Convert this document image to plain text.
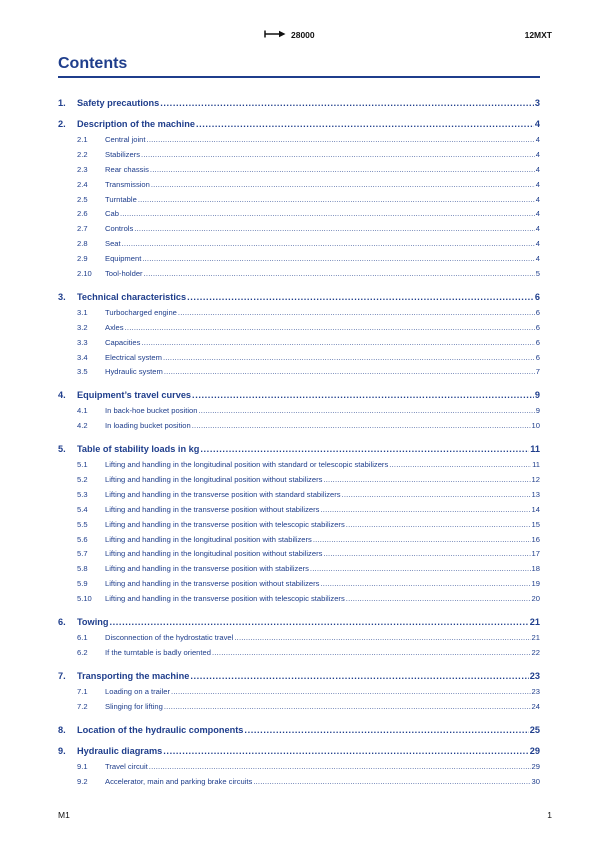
28000	12MXT
Contents
1.	Safety precautions .....	3
2.	Description of the machine .....	4
2.1	Central joint .....	4
2.2	Stabilizers .....	4
2.3	Rear chassis .....	4
2.4	Transmission .....	4
2.5	Turntable .....	4
2.6	Cab .....	4
2.7	Controls .....	4
2.8	Seat .....	4
2.9	Equipment .....	4
2.10	Tool-holder .....	5
3.	Technical characteristics .....	6
3.1	Turbocharged engine .....	6
3.2	Axles .....	6
3.3	Capacities .....	6
3.4	Electrical system .....	6
3.5	Hydraulic system .....	7
4.	Equipment’s travel curves .....	9
4.1	In back-hoe bucket position .....	9
4.2	In loading bucket position .....	10
5.	Table of stability loads in kg .....	11
5.1	Lifting and handling in the longitudinal position with standard or telescopic stabilizers .....	11
5.2	Lifting and handling in the longitudinal position without stabilizers .....	12
5.3	Lifting and handling in the transverse position with standard stabilizers .....	13
5.4	Lifting and handling in the transverse position without stabilizers .....	14
5.5	Lifting and handling in the transverse position with telescopic stabilizers .....	15
5.6	Lifting and handling in the longitudinal position with stabilizers .....	16
5.7	Lifting and handling in the longitudinal position without stabilizers .....	17
5.8	Lifting and handling in the transverse position with stabilizers .....	18
5.9	Lifting and handling in the transverse position without stabilizers .....	19
5.10	Lifting and handling in the transverse position with telescopic stabilizers .....	20
6.	Towing .....	21
6.1	Disconnection of the hydrostatic travel .....	21
6.2	If the turntable is badly oriented .....	22
7.	Transporting the machine .....	23
7.1	Loading on a trailer .....	23
7.2	Slinging for lifting .....	24
8.	Location of the hydraulic components .....	25
9.	Hydraulic diagrams .....	29
9.1	Travel circuit .....	29
9.2	Accelerator, main and parking brake circuits .....	30
M1	1
